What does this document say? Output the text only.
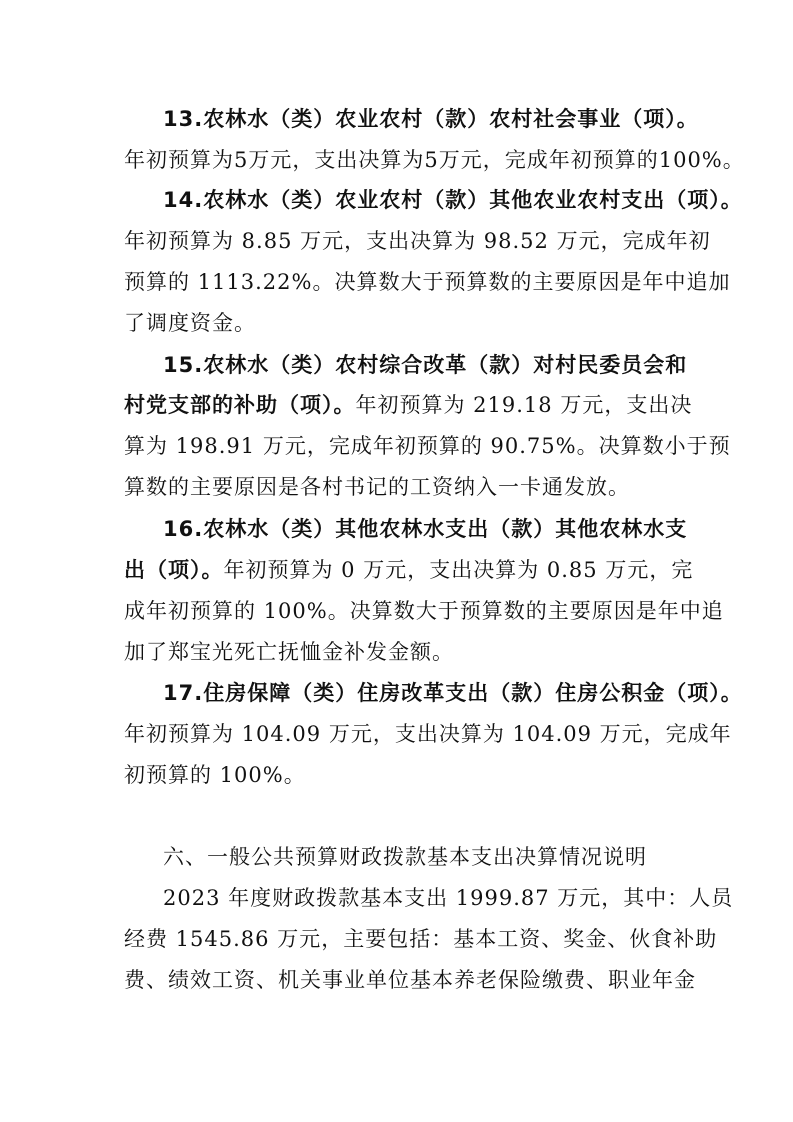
13.农林水（类）农业农村（款）农村社会事业（项）。
年初预算为5万元，支出决算为5万元，完成年初预算的100%。
14.农林水（类）农业农村（款）其他农业农村支出（项）。
年初预算为 8.85 万元，支出决算为 98.52 万元，完成年初
预算的 1113.22%。决算数大于预算数的主要原因是年中追加
了调度资金。
15.农林水（类）农村综合改革（款）对村民委员会和
村党支部的补助（项）。年初预算为 219.18 万元，支出决
算为 198.91 万元，完成年初预算的 90.75%。决算数小于预
算数的主要原因是各村书记的工资纳入一卡通发放。
16.农林水（类）其他农林水支出（款）其他农林水支
出（项）。年初预算为 0 万元，支出决算为 0.85 万元，完
成年初预算的 100%。决算数大于预算数的主要原因是年中追
加了郑宝光死亡抚恤金补发金额。
17.住房保障（类）住房改革支出（款）住房公积金（项）。
年初预算为 104.09 万元，支出决算为 104.09 万元，完成年
初预算的 100%。
六、一般公共预算财政拨款基本支出决算情况说明
2023 年度财政拨款基本支出 1999.87 万元，其中：人员
经费 1545.86 万元，主要包括：基本工资、奖金、伙食补助
费、绩效工资、机关事业单位基本养老保险缴费、职业年金
